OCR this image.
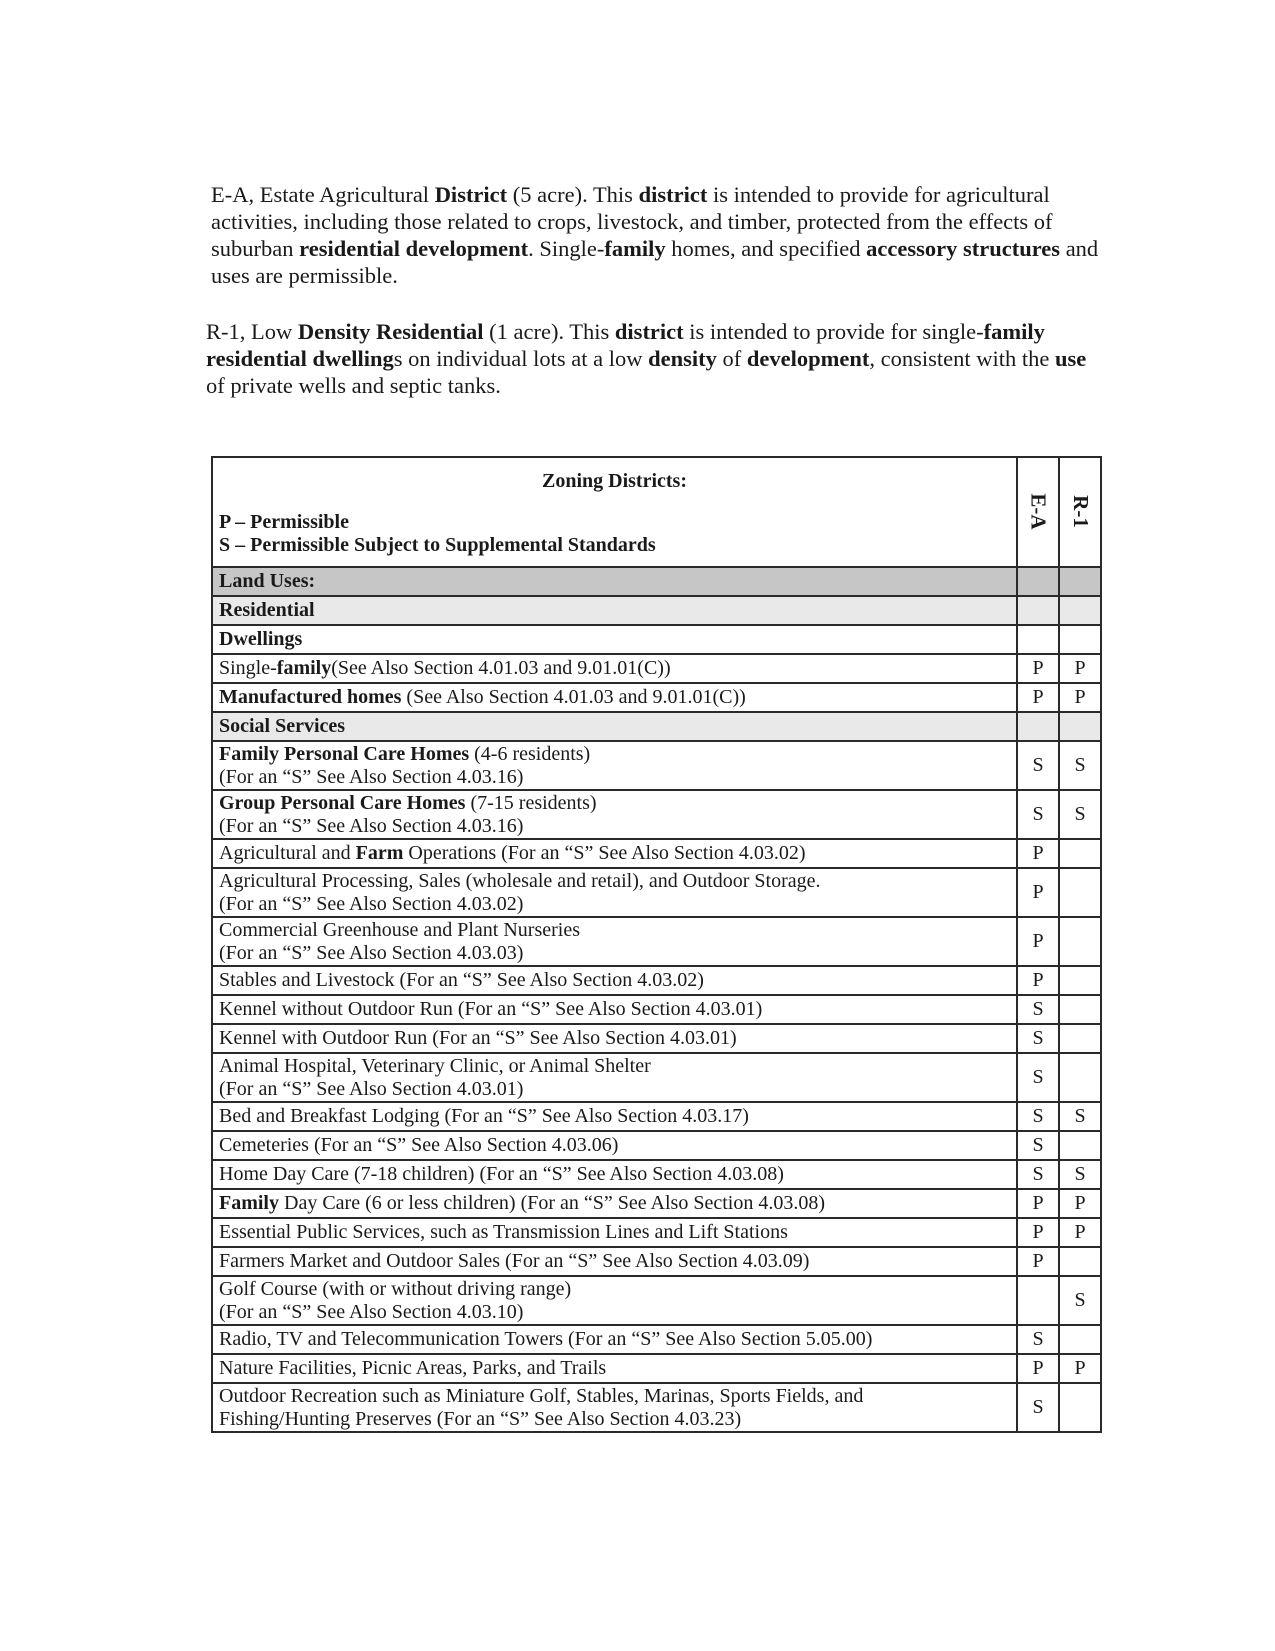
E-A, Estate Agricultural District (5 acre). This district is intended to provide for agricultural activities, including those related to crops, livestock, and timber, protected from the effects of suburban residential development. Single-family homes, and specified accessory structures and uses are permissible.
R-1, Low Density Residential (1 acre). This district is intended to provide for single-family residential dwellings on individual lots at a low density of development, consistent with the use of private wells and septic tanks.
Zoning Districts:
P – Permissible
S – Permissible Subject to Supplemental Standards	E-A	R-1
Land Uses:		
Residential		
Dwellings		
Single-family(See Also Section 4.01.03 and 9.01.01(C))	P	P
Manufactured homes (See Also Section 4.01.03 and 9.01.01(C))	P	P
Social Services		
Family Personal Care Homes (4-6 residents)
(For an “S” See Also Section 4.03.16)	S	S
Group Personal Care Homes (7-15 residents)
(For an “S” See Also Section 4.03.16)	S	S
Agricultural and Farm Operations (For an “S” See Also Section 4.03.02)	P	
Agricultural Processing, Sales (wholesale and retail), and Outdoor Storage.
(For an “S” See Also Section 4.03.02)	P	
Commercial Greenhouse and Plant Nurseries
(For an “S” See Also Section 4.03.03)	P	
Stables and Livestock (For an “S” See Also Section 4.03.02)	P	
Kennel without Outdoor Run (For an “S” See Also Section 4.03.01)	S	
Kennel with Outdoor Run (For an “S” See Also Section 4.03.01)	S	
Animal Hospital, Veterinary Clinic, or Animal Shelter
(For an “S” See Also Section 4.03.01)	S	
Bed and Breakfast Lodging (For an “S” See Also Section 4.03.17)	S	S
Cemeteries (For an “S” See Also Section 4.03.06)	S	
Home Day Care (7-18 children) (For an “S” See Also Section 4.03.08)	S	S
Family Day Care (6 or less children) (For an “S” See Also Section 4.03.08)	P	P
Essential Public Services, such as Transmission Lines and Lift Stations	P	P
Farmers Market and Outdoor Sales (For an “S” See Also Section 4.03.09)	P	
Golf Course (with or without driving range)
(For an “S” See Also Section 4.03.10)		S
Radio, TV and Telecommunication Towers (For an “S” See Also Section 5.05.00)	S	
Nature Facilities, Picnic Areas, Parks, and Trails	P	P
Outdoor Recreation such as Miniature Golf, Stables, Marinas, Sports Fields, and
Fishing/Hunting Preserves (For an “S” See Also Section 4.03.23)	S	
